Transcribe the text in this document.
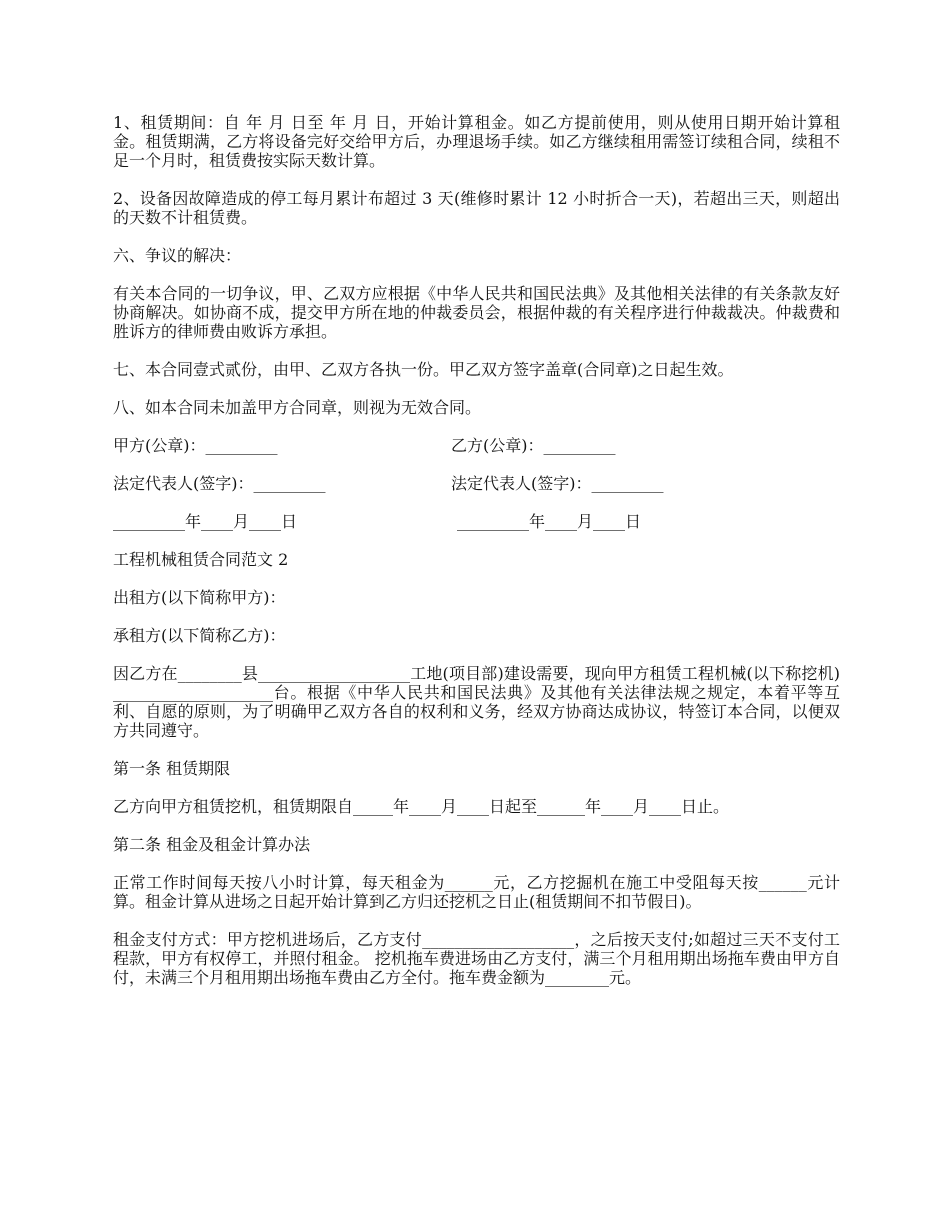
1、租赁期间：自 年 月 日至 年 月 日，开始计算租金。如乙方提前使用，则从使用日期开始计算租金。租赁期满，乙方将设备完好交给甲方后，办理退场手续。如乙方继续租用需签订续租合同，续租不足一个月时，租赁费按实际天数计算。

2、设备因故障造成的停工每月累计布超过 3 天(维修时累计 12 小时折合一天)，若超出三天，则超出的天数不计租赁费。

六、争议的解决：

有关本合同的一切争议，甲、乙双方应根据《中华人民共和国民法典》及其他相关法律的有关条款友好协商解决。如协商不成，提交甲方所在地的仲裁委员会，根据仲裁的有关程序进行仲裁裁决。仲裁费和胜诉方的律师费由败诉方承担。

七、本合同壹式贰份，由甲、乙双方各执一份。甲乙双方签字盖章(合同章)之日起生效。

八、如本合同未加盖甲方合同章，则视为无效合同。

甲方(公章)：_________	乙方(公章)：_________
法定代表人(签字)：_________	法定代表人(签字)：_________
_________年____月____日	_________年____月____日

工程机械租赁合同范文 2

出租方(以下简称甲方)：

承租方(以下简称乙方)：

因乙方在________县___________________工地(项目部)建设需要，现向甲方租赁工程机械(以下称挖机)____________________台。根据《中华人民共和国民法典》及其他有关法律法规之规定，本着平等互利、自愿的原则，为了明确甲乙双方各自的权利和义务，经双方协商达成协议，特签订本合同，以便双方共同遵守。

第一条 租赁期限

乙方向甲方租赁挖机，租赁期限自_____年____月____日起至______年____月____日止。

第二条 租金及租金计算办法

正常工作时间每天按八小时计算，每天租金为______元，乙方挖掘机在施工中受阻每天按______元计算。租金计算从进场之日起开始计算到乙方归还挖机之日止(租赁期间不扣节假日)。

租金支付方式：甲方挖机进场后，乙方支付___________________，之后按天支付;如超过三天不支付工程款，甲方有权停工，并照付租金。 挖机拖车费进场由乙方支付，满三个月租用期出场拖车费由甲方自付，未满三个月租用期出场拖车费由乙方全付。拖车费金额为________元。
